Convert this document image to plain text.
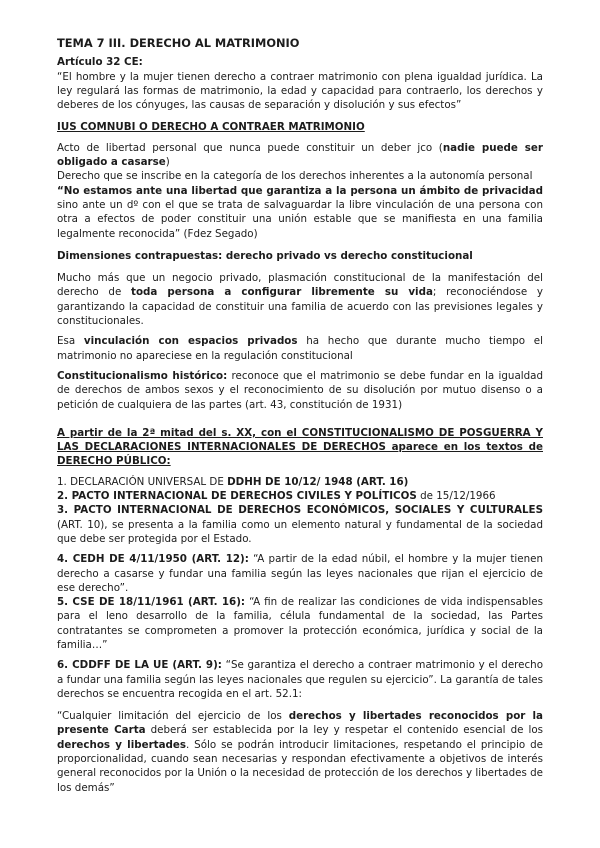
TEMA 7 III. DERECHO AL MATRIMONIO
Artículo 32 CE:

“El hombre y la mujer tienen derecho a contraer matrimonio con plena igualdad jurídica. La ley regulará las formas de matrimonio, la edad y capacidad para contraerlo, los derechos y deberes de los cónyuges, las causas de separación y disolución y sus efectos”

IUS COMNUBI O DERECHO A CONTRAER MATRIMONIO

Acto de libertad personal que nunca puede constituir un deber jco (nadie puede ser obligado a casarse)

Derecho que se inscribe en la categoría de los derechos inherentes a la autonomía personal

“No estamos ante una libertad que garantiza a la persona un ámbito de privacidad sino ante un dº con el que se trata de salvaguardar la libre vinculación de una persona con otra a efectos de poder constituir una unión estable que se manifiesta en una familia legalmente reconocida” (Fdez Segado)

Dimensiones contrapuestas: derecho privado vs derecho constitucional

Mucho más que un negocio privado, plasmación constitucional de la manifestación del derecho de toda persona a configurar libremente su vida; reconociéndose y garantizando la capacidad de constituir una familia de acuerdo con las previsiones legales y constitucionales.

Esa vinculación con espacios privados ha hecho que durante mucho tiempo el matrimonio no apareciese en la regulación constitucional

Constitucionalismo histórico: reconoce que el matrimonio se debe fundar en la igualdad de derechos de ambos sexos y el reconocimiento de su disolución por mutuo disenso o a petición de cualquiera de las partes (art. 43, constitución de 1931)

A partir de la 2ª mitad del s. XX, con el CONSTITUCIONALISMO DE POSGUERRA Y LAS DECLARACIONES INTERNACIONALES DE DERECHOS aparece en los textos de DERECHO PÚBLICO:

1. DECLARACIÓN UNIVERSAL DE DDHH DE 10/12/ 1948 (ART. 16)
2. PACTO INTERNACIONAL DE DERECHOS CIVILES Y POLÍTICOS de 15/12/1966

3. PACTO INTERNACIONAL DE DERECHOS ECONÓMICOS, SOCIALES Y CULTURALES (ART. 10), se presenta a la familia como un elemento natural y fundamental de la sociedad que debe ser protegida por el Estado.

4. CEDH DE 4/11/1950 (ART. 12): “A partir de la edad núbil, el hombre y la mujer tienen derecho a casarse y fundar una familia según las leyes nacionales que rijan el ejercicio de ese derecho”.

5. CSE DE 18/11/1961 (ART. 16): “A fin de realizar las condiciones de vida indispensables para el leno desarrollo de la familia, célula fundamental de la sociedad, las Partes contratantes se comprometen a promover la protección económica, jurídica y social de la familia…”

6. CDDFF DE LA UE (ART. 9): “Se garantiza el derecho a contraer matrimonio y el derecho a fundar una familia según las leyes nacionales que regulen su ejercicio”. La garantía de tales derechos se encuentra recogida en el art. 52.1:

“Cualquier limitación del ejercicio de los derechos y libertades reconocidos por la presente Carta deberá ser establecida por la ley y respetar el contenido esencial de los derechos y libertades. Sólo se podrán introducir limitaciones, respetando el principio de proporcionalidad, cuando sean necesarias y respondan efectivamente a objetivos de interés general reconocidos por la Unión o la necesidad de protección de los derechos y libertades de los demás”
